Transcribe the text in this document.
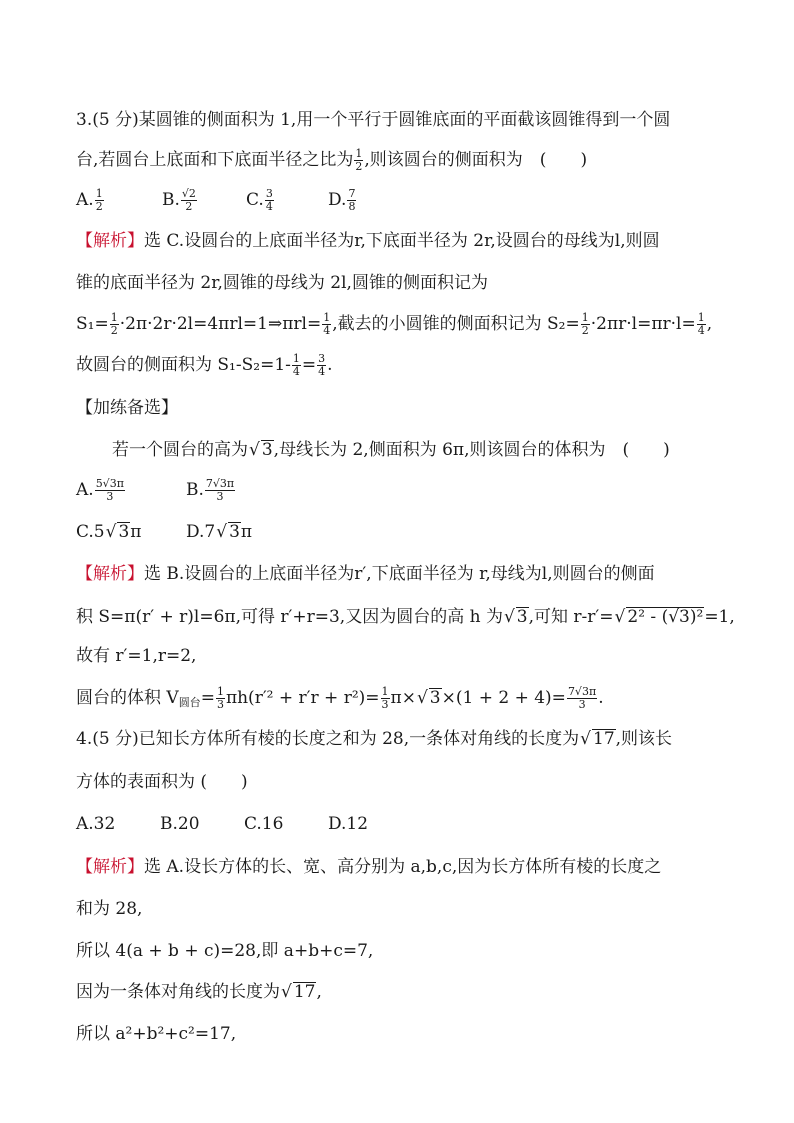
3.(5 分)某圆锥的侧面积为 1,用一个平行于圆锥底面的平面截该圆锥得到一个圆
台,若圆台上底面和下底面半径之比为 $\frac{1}{2}$ ,则该圆台的侧面积为　(　　)
A. $\frac{1}{2}$	B. $\frac{√2}{2}$	C. $\frac{3}{4}$	D. $\frac{7}{8}$
【解析】选 C.设圆台的上底面半径为r,下底面半径为 2r,设圆台的母线为l,则圆
锥的底面半径为 2r,圆锥的母线为 2l,圆锥的侧面积记为
$S_1= \frac{1}{2}$ ·2π·2r·2l=4πrl=1⇒πrl= $\frac{1}{4}$ ,截去的小圆锥的侧面积记为 $S_2= \frac{1}{2} \cdot 2\pi r\cdot l=\pi r\cdot l= \frac{1}{4}$ ,
故圆台的侧面积为 $S_1-S_2=1- \frac{1}{4} = \frac{3}{4}$ .
【加练备选】
若一个圆台的高为√ 3,母线长为 2,侧面积为 6π,则该圆台的体积为　(　　)
A. $\frac{5√3\pi}{3}$	B. $\frac{7√3\pi}{3}$
C.5√ 3π	D.7√ 3π
【解析】选 B.设圆台的上底面半径为r′,下底面半径为 r,母线为l,则圆台的侧面
积 S=π(r′ + r)l=6π,可得 r′+r=3,又因为圆台的高 h 为√ 3,可知 r-r′=√ 2² - (√3)²=1,
故有 r′=1,r=2,
圆台的体积 $V_{圆台}= \frac{1}{3} \pi h(r'^2 + r'r + r^2)= \frac{1}{3} \pi\times√$ $3\times(1 + 2 + 4)= \frac{7√3\pi}{3}$ .
4.(5 分)已知长方体所有棱的长度之和为 28,一条体对角线的长度为√ 17,则该长
方体的表面积为 (　　)
A.32	B.20	C.16	D.12
【解析】选 A.设长方体的长、宽、高分别为 a,b,c,因为长方体所有棱的长度之
和为 28,
所以 4(a + b + c)=28,即 a+b+c=7,
因为一条体对角线的长度为√ 17,
所以 a²+b²+c²=17,
